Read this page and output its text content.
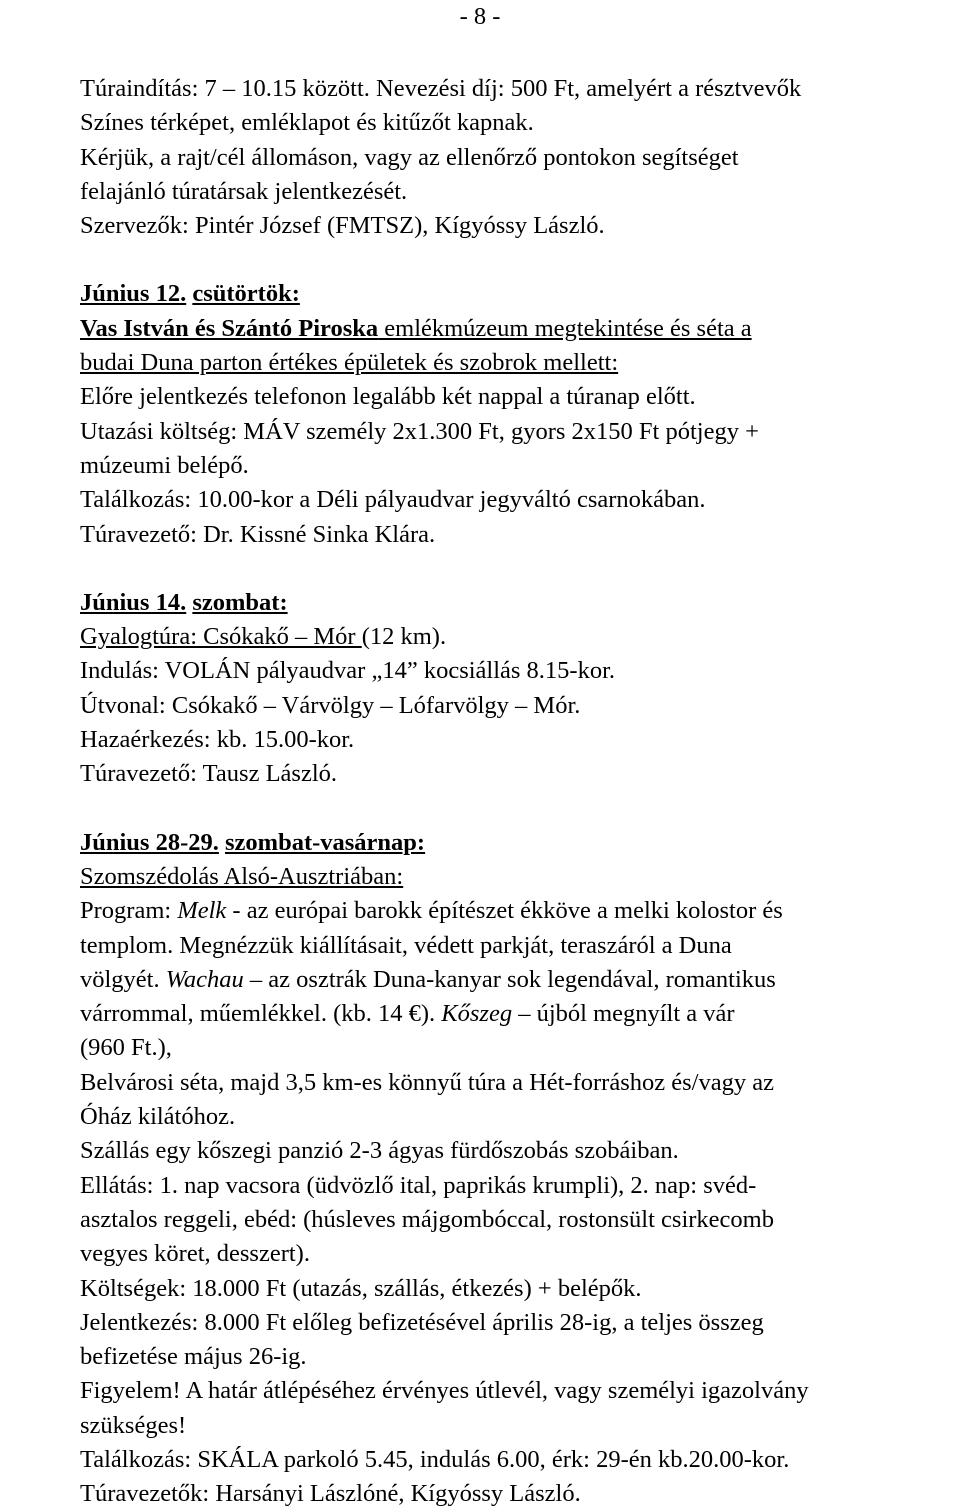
- 8 -
Túraindítás: 7 – 10.15 között. Nevezési díj: 500 Ft, amelyért a résztvevők
Színes térképet, emléklapot és kitűzőt kapnak.
Kérjük, a rajt/cél állomáson, vagy az ellenőrző pontokon segítséget
felajánló túratársak jelentkezését.
Szervezők: Pintér József (FMTSZ), Kígyóssy László.
Június 12. csütörtök:
Vas István és Szántó Piroska emlékmúzeum megtekintése és séta a
budai Duna parton értékes épületek és szobrok mellett:
Előre jelentkezés telefonon legalább két nappal a túranap előtt.
Utazási költség: MÁV személy 2x1.300 Ft, gyors 2x150 Ft pótjegy +
múzeumi belépő.
Találkozás: 10.00-kor a Déli pályaudvar jegyváltó csarnokában.
Túravezető: Dr. Kissné Sinka Klára.
Június 14. szombat:
Gyalogtúra: Csókakő – Mór (12 km).
Indulás: VOLÁN pályaudvar „14” kocsiállás 8.15-kor.
Útvonal: Csókakő – Várvölgy – Lófarvölgy – Mór.
Hazaérkezés: kb. 15.00-kor.
Túravezető: Tausz László.
Június 28-29. szombat-vasárnap:
Szomszédolás Alsó-Ausztriában:
Program: Melk - az európai barokk építészet ékköve a melki kolostor és
templom. Megnézzük kiállításait, védett parkját, teraszáról a Duna
völgyét. Wachau – az osztrák Duna-kanyar sok legendával, romantikus
várrommal, műemlékkel. (kb. 14 €). Kőszeg – újból megnyílt a vár
(960 Ft.),
Belvárosi séta, majd 3,5 km-es könnyű túra a Hét-forráshoz és/vagy az
Óház kilátóhoz.
Szállás egy kőszegi panzió 2-3 ágyas fürdőszobás szobáiban.
Ellátás: 1. nap vacsora (üdvözlő ital, paprikás krumpli), 2. nap: svéd-
asztalos reggeli, ebéd: (húsleves májgombóccal, rostonsült csirkecomb
vegyes köret, desszert).
Költségek: 18.000 Ft (utazás, szállás, étkezés) + belépők.
Jelentkezés: 8.000 Ft előleg befizetésével április 28-ig, a teljes összeg
befizetése május 26-ig.
Figyelem! A határ átlépéséhez érvényes útlevél, vagy személyi igazolvány
szükséges!
Találkozás: SKÁLA parkoló 5.45, indulás 6.00, érk: 29-én kb.20.00-kor.
Túravezetők: Harsányi Lászlóné, Kígyóssy László.
